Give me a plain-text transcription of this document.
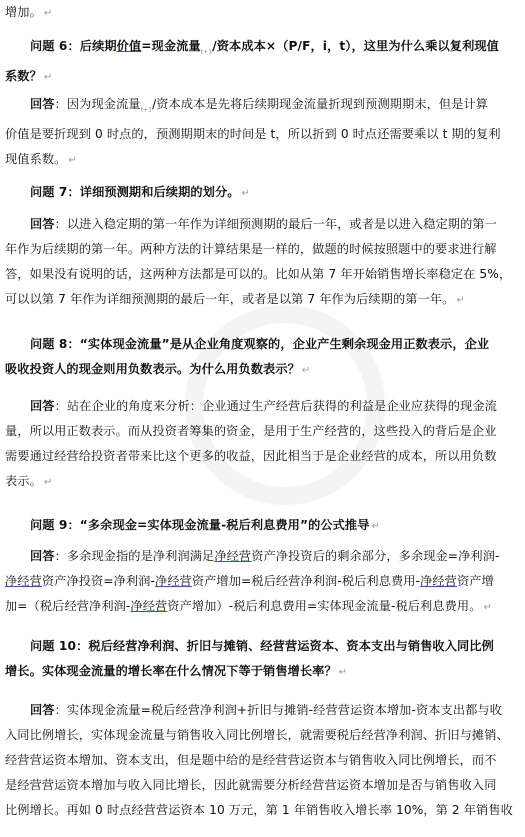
增加。 ↵

问题 6：后续期价值=现金流量$_{t+1}$/资本成本×（P/F，i，t），这里为什么乘以复利现值
系数？ ↵

回答：因为现金流量$_{t+1}$/资本成本是先将后续期现金流量折现到预测期期末，但是计算
价值是要折现到 0 时点的，预测期期末的时间是 t，所以折到 0 时点还需要乘以 t 期的复利
现值系数。 ↵

问题 7：详细预测期和后续期的划分。 ↵

回答：以进入稳定期的第一年作为详细预测期的最后一年，或者是以进入稳定期的第一
年作为后续期的第一年。两种方法的计算结果是一样的，做题的时候按照题中的要求进行解
答，如果没有说明的话，这两种方法都是可以的。比如从第 7 年开始销售增长率稳定在 5%，
可以以第 7 年作为详细预测期的最后一年，或者是以第 7 年作为后续期的第一年。 ↵

问题 8：“实体现金流量”是从企业角度观察的，企业产生剩余现金用正数表示，企业
吸收投资人的现金则用负数表示。为什么用负数表示？ ↵

回答：站在企业的角度来分析：企业通过生产经营后获得的利益是企业应获得的现金流
量，所以用正数表示。而从投资者筹集的资金，是用于生产经营的，这些投入的背后是企业
需要通过经营给投资者带来比这个更多的收益，因此相当于是企业经营的成本，所以用负数
表示。 ↵

问题 9：“多余现金=实体现金流量-税后利息费用”的公式推导 ↵

回答：多余现金指的是净利润满足净经营资产净投资后的剩余部分，多余现金=净利润-
净经营资产净投资=净利润-净经营资产增加=税后经营净利润-税后利息费用-净经营资产增
加=（税后经营净利润-净经营资产增加）-税后利息费用=实体现金流量-税后利息费用。 ↵

问题 10：税后经营净利润、折旧与摊销、经营营运资本、资本支出与销售收入同比例
增长。实体现金流量的增长率在什么情况下等于销售增长率？ ↵

回答：实体现金流量=税后经营净利润+折旧与摊销-经营营运资本增加-资本支出都与收
入同比例增长，实体现金流量与销售收入同比例增长，就需要税后经营净利润、折旧与摊销、
经营营运资本增加、资本支出，但是题中给的是经营营运资本与销售收入同比例增长，而不
是经营营运资本增加与收入同比增长，因此就需要分析经营营运资本增加是否与销售收入同
比例增长。再如 0 时点经营营运资本 10 万元，第 1 年销售收入增长率 10%，第 2 年销售收
